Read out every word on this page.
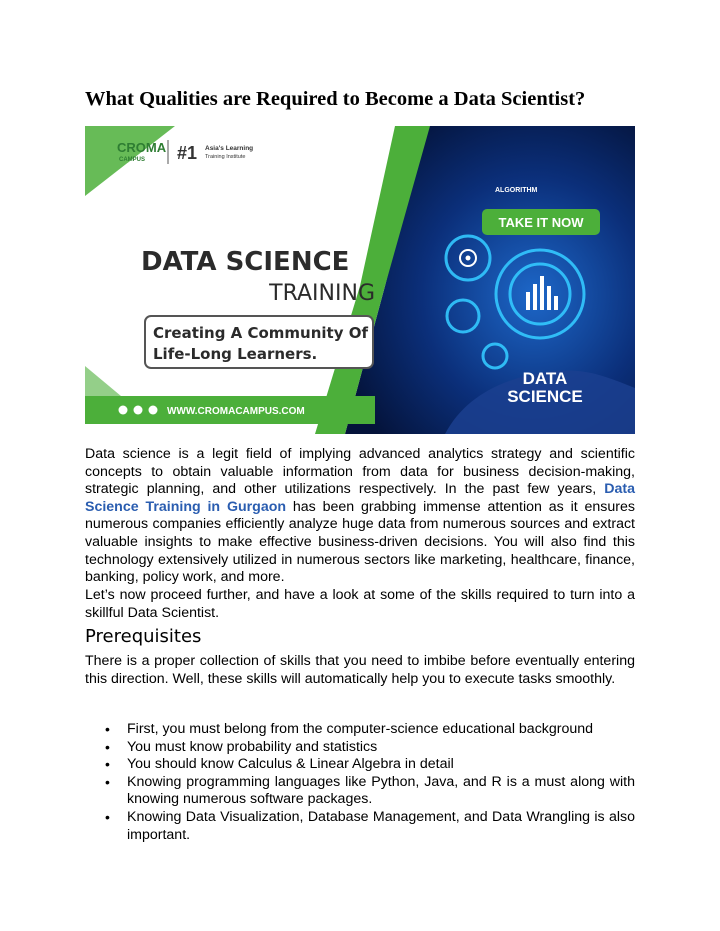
What Qualities are Required to Become a Data Scientist?
ALGORITHM
TAKE IT NOW
DATA
SCIENCE
CROMA
CAMPUS #1 Asia's Learning
Training Institute
DATA SCIENCE
TRAINING
Creating A Community Of
Life-Long Learners.
WWW.CROMACAMPUS.COM

Data science is a legit field of implying advanced analytics strategy and scientific concepts to obtain valuable information from data for business decision-making, strategic planning, and other utilizations respectively. In the past few years, Data Science Training in Gurgaon has been grabbing immense attention as it ensures numerous companies efficiently analyze huge data from numerous sources and extract valuable insights to make effective business-driven decisions. You will also find this technology extensively utilized in numerous sectors like marketing, healthcare, finance, banking, policy work, and more.

Let’s now proceed further, and have a look at some of the skills required to turn into a skillful Data Scientist.

Prerequisites

There is a proper collection of skills that you need to imbibe before eventually entering this direction. Well, these skills will automatically help you to execute tasks smoothly.

• First, you must belong from the computer-science educational background
• You must know probability and statistics
• You should know Calculus & Linear Algebra in detail
• Knowing programming languages like Python, Java, and R is a must along with knowing numerous software packages.
• Knowing Data Visualization, Database Management, and Data Wrangling is also important.
